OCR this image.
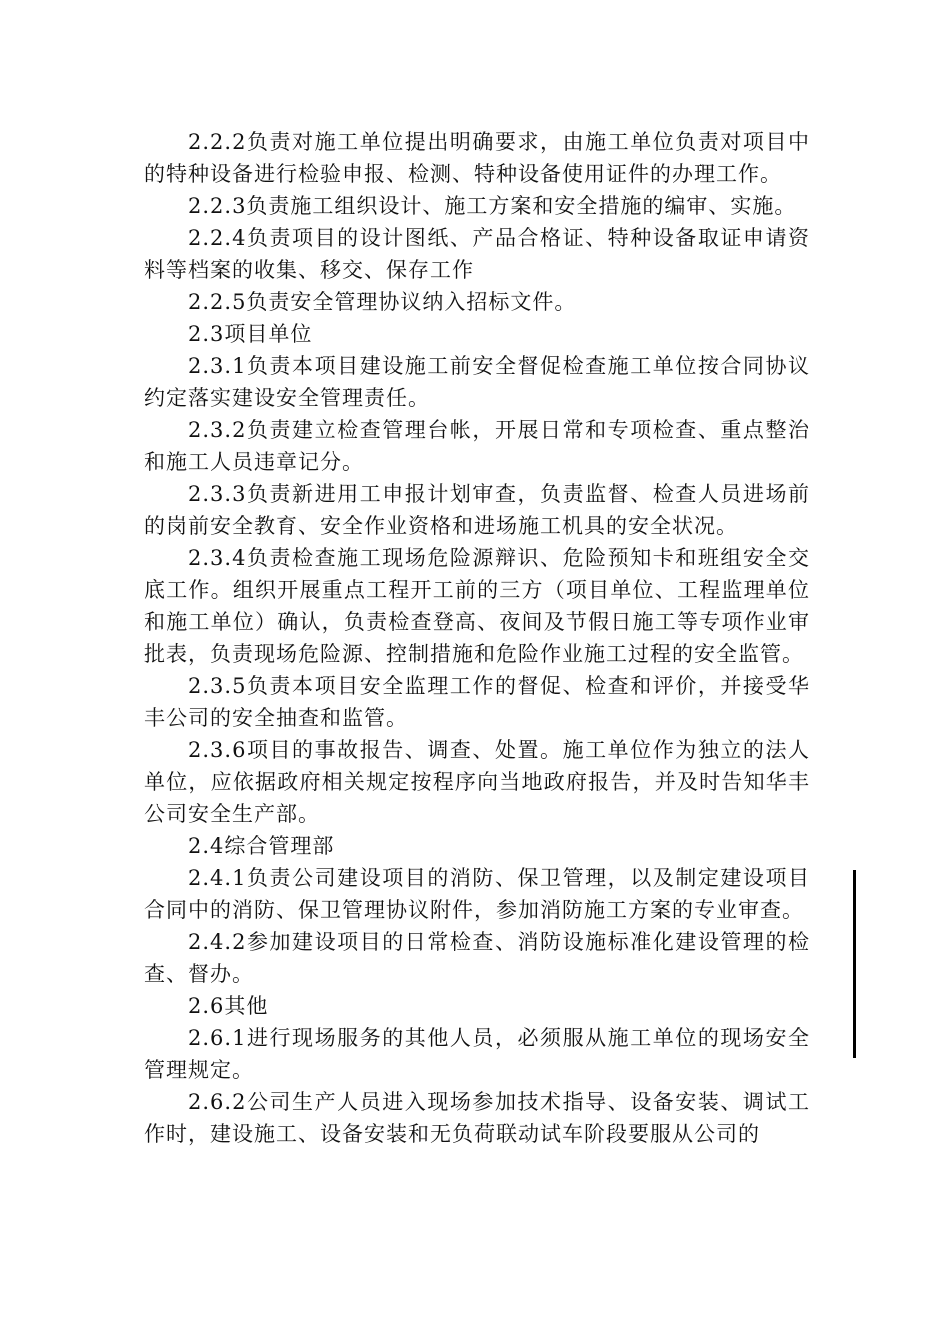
2.2.2负责对施工单位提出明确要求，由施工单位负责对项目中的特种设备进行检验申报、检测、特种设备使用证件的办理工作。

2.2.3负责施工组织设计、施工方案和安全措施的编审、实施。

2.2.4负责项目的设计图纸、产品合格证、特种设备取证申请资料等档案的收集、移交、保存工作

2.2.5负责安全管理协议纳入招标文件。

2.3项目单位

2.3.1负责本项目建设施工前安全督促检查施工单位按合同协议约定落实建设安全管理责任。

2.3.2负责建立检查管理台帐，开展日常和专项检查、重点整治和施工人员违章记分。

2.3.3负责新进用工申报计划审查，负责监督、检查人员进场前的岗前安全教育、安全作业资格和进场施工机具的安全状况。

2.3.4负责检查施工现场危险源辩识、危险预知卡和班组安全交底工作。组织开展重点工程开工前的三方（项目单位、工程监理单位和施工单位）确认，负责检查登高、夜间及节假日施工等专项作业审批表，负责现场危险源、控制措施和危险作业施工过程的安全监管。

2.3.5负责本项目安全监理工作的督促、检查和评价，并接受华丰公司的安全抽查和监管。

2.3.6项目的事故报告、调查、处置。施工单位作为独立的法人单位，应依据政府相关规定按程序向当地政府报告，并及时告知华丰公司安全生产部。

2.4综合管理部

2.4.1负责公司建设项目的消防、保卫管理，以及制定建设项目合同中的消防、保卫管理协议附件，参加消防施工方案的专业审查。

2.4.2参加建设项目的日常检查、消防设施标准化建设管理的检查、督办。

2.6其他

2.6.1进行现场服务的其他人员，必须服从施工单位的现场安全管理规定。

2.6.2公司生产人员进入现场参加技术指导、设备安装、调试工作时，建设施工、设备安装和无负荷联动试车阶段要服从公司的
